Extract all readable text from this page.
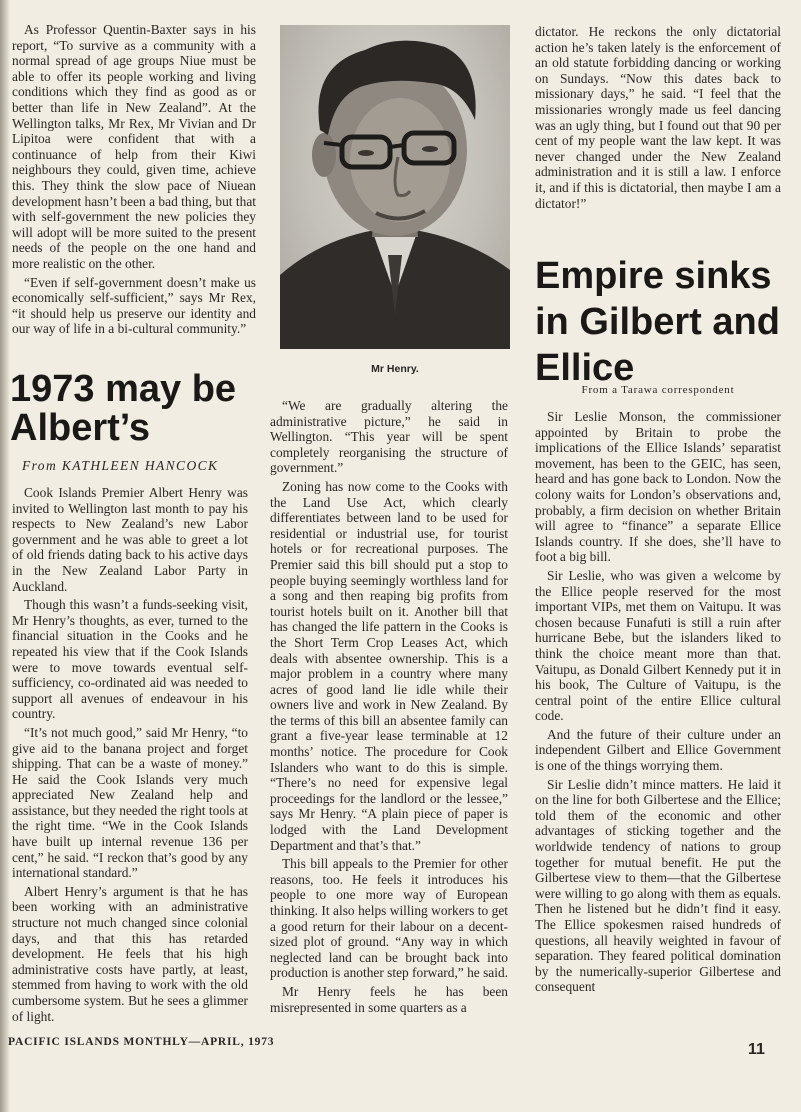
As Professor Quentin-Baxter says in his report, “To survive as a community with a normal spread of age groups Niue must be able to offer its people working and living conditions which they find as good as or better than life in New Zealand”. At the Wellington talks, Mr Rex, Mr Vivian and Dr Lipitoa were confident that with a continuance of help from their Kiwi neighbours they could, given time, achieve this. They think the slow pace of Niuean development hasn’t been a bad thing, but that with self-government the new policies they will adopt will be more suited to the present needs of the people on the one hand and more realistic on the other.

“Even if self-government doesn’t make us economically self-sufficient,” says Mr Rex, “it should help us preserve our identity and our way of life in a bi-cultural community.”

Mr Henry.
1973 may be Albert’s
From KATHLEEN HANCOCK

Cook Islands Premier Albert Henry was invited to Wellington last month to pay his respects to New Zealand’s new Labor government and he was able to greet a lot of old friends dating back to his active days in the New Zealand Labor Party in Auckland.

Though this wasn’t a funds-seeking visit, Mr Henry’s thoughts, as ever, turned to the financial situation in the Cooks and he repeated his view that if the Cook Islands were to move towards eventual self-sufficiency, co-ordinated aid was needed to support all avenues of endeavour in his country.

“It’s not much good,” said Mr Henry, “to give aid to the banana project and forget shipping. That can be a waste of money.” He said the Cook Islands very much appreciated New Zealand help and assistance, but they needed the right tools at the right time. “We in the Cook Islands have built up internal revenue 136 per cent,” he said. “I reckon that’s good by any international standard.”

Albert Henry’s argument is that he has been working with an administrative structure not much changed since colonial days, and that this has retarded development. He feels that his high administrative costs have partly, at least, stemmed from having to work with the old cumbersome system. But he sees a glimmer of light.

“We are gradually altering the administrative picture,” he said in Wellington. “This year will be spent completely reorganising the structure of government.”

Zoning has now come to the Cooks with the Land Use Act, which clearly differentiates between land to be used for residential or industrial use, for tourist hotels or for recreational purposes. The Premier said this bill should put a stop to people buying seemingly worthless land for a song and then reaping big profits from tourist hotels built on it. Another bill that has changed the life pattern in the Cooks is the Short Term Crop Leases Act, which deals with absentee ownership. This is a major problem in a country where many acres of good land lie idle while their owners live and work in New Zealand. By the terms of this bill an absentee family can grant a five-year lease terminable at 12 months’ notice. The procedure for Cook Islanders who want to do this is simple. “There’s no need for expensive legal proceedings for the landlord or the lessee,” says Mr Henry. “A plain piece of paper is lodged with the Land Development Department and that’s that.”

This bill appeals to the Premier for other reasons, too. He feels it introduces his people to one more way of European thinking. It also helps willing workers to get a good return for their labour on a decent-sized plot of ground. “Any way in which neglected land can be brought back into production is another step forward,” he said.

Mr Henry feels he has been misrepresented in some quarters as a

dictator. He reckons the only dictatorial action he’s taken lately is the enforcement of an old statute forbidding dancing or working on Sundays. “Now this dates back to missionary days,” he said. “I feel that the missionaries wrongly made us feel dancing was an ugly thing, but I found out that 90 per cent of my people want the law kept. It was never changed under the New Zealand administration and it is still a law. I enforce it, and if this is dictatorial, then maybe I am a dictator!”

Empire sinks in Gilbert and Ellice
From a Tarawa correspondent

Sir Leslie Monson, the commissioner appointed by Britain to probe the implications of the Ellice Islands’ separatist movement, has been to the GEIC, has seen, heard and has gone back to London. Now the colony waits for London’s observations and, probably, a firm decision on whether Britain will agree to “finance” a separate Ellice Islands country. If she does, she’ll have to foot a big bill.

Sir Leslie, who was given a welcome by the Ellice people reserved for the most important VIPs, met them on Vaitupu. It was chosen because Funafuti is still a ruin after hurricane Bebe, but the islanders liked to think the choice meant more than that. Vaitupu, as Donald Gilbert Kennedy put it in his book, The Culture of Vaitupu, is the central point of the entire Ellice cultural code.

And the future of their culture under an independent Gilbert and Ellice Government is one of the things worrying them.

Sir Leslie didn’t mince matters. He laid it on the line for both Gilbertese and the Ellice; told them of the economic and other advantages of sticking together and the worldwide tendency of nations to group together for mutual benefit. He put the Gilbertese view to them—that the Gilbertese were willing to go along with them as equals. Then he listened but he didn’t find it easy. The Ellice spokesmen raised hundreds of questions, all heavily weighted in favour of separation. They feared political domination by the numerically-superior Gilbertese and consequent

PACIFIC ISLANDS MONTHLY—APRIL, 1973	11
